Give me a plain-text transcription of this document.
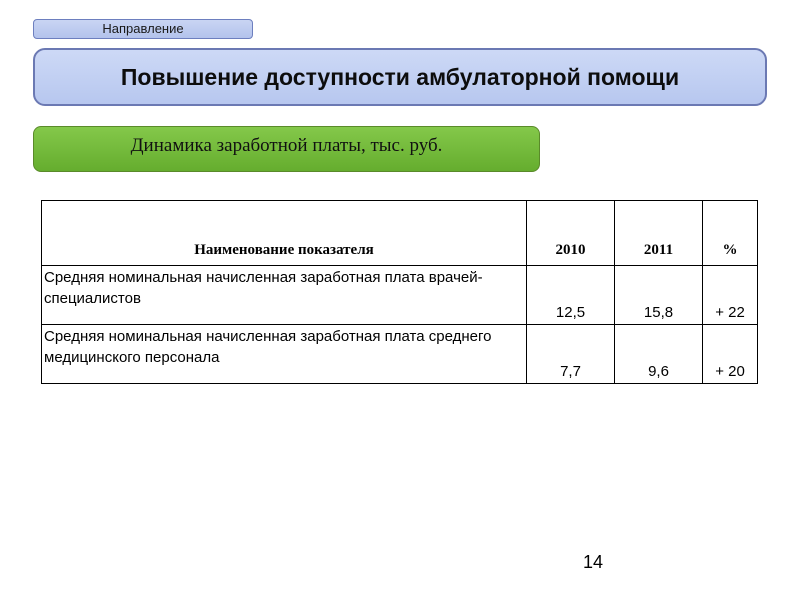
Направление
Повышение доступности амбулаторной помощи
Динамика заработной платы, тыс. руб.
Наименование показателя	2010	2011	%
Средняя номинальная начисленная заработная плата врачей-специалистов	12,5	15,8	+ 22
Средняя номинальная начисленная заработная плата среднего медицинского персонала	7,7	9,6	+ 20
14
